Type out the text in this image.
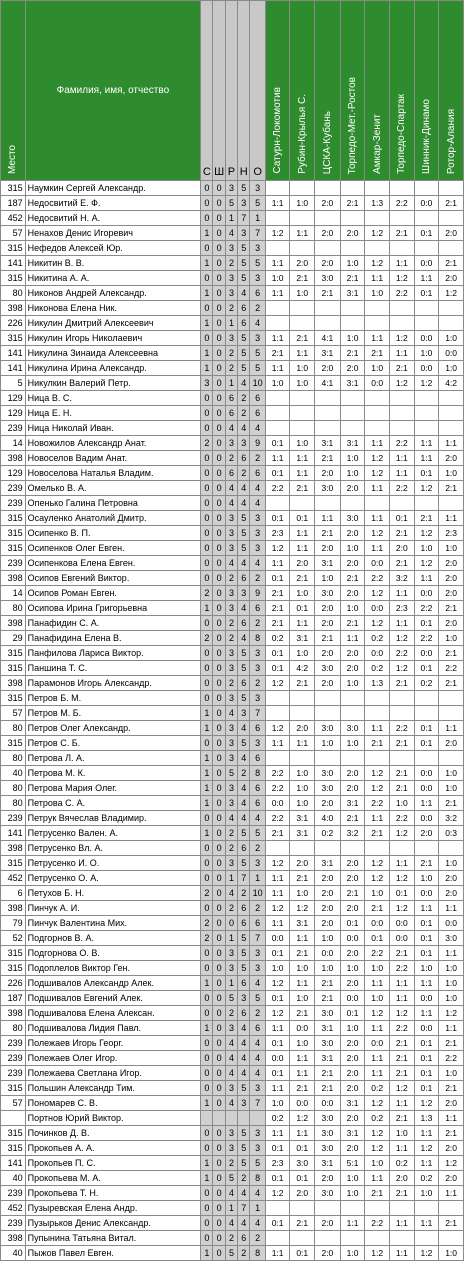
Место	Фамилия, имя, отчество	С	Ш	Р	Н	О	Сатурн-Локомотив	Рубин-Крылья С.	ЦСКА-Кубань	Торпедо-Мет.-Ростов	Амкар-Зенит	Торпедо-Спартак	Шинник-Динамо	Ротор-Алания
315	Наумкин Сергей Александр.	0	0	3	5	3								
187	Недосвитий Е. Ф.	0	0	5	3	5	1:1	1:0	2:0	2:1	1:3	2:2	0:0	2:1
452	Недосвитий Н. А.	0	0	1	7	1								
57	Ненахов Денис Игоревич	1	0	4	3	7	1:2	1:1	2:0	2:0	1:2	2:1	0:1	2:0
315	Нефедов Алексей Юр.	0	0	3	5	3								
141	Никитин В. В.	1	0	2	5	5	1:1	2:0	2:0	1:0	1:2	1:1	0:0	2:1
315	Никитина А. А.	0	0	3	5	3	1:0	2:1	3:0	2:1	1:1	1:2	1:1	2:0
80	Никонов Андрей Александр.	1	0	3	4	6	1:1	1:0	2:1	3:1	1:0	2:2	0:1	1:2
398	Никонова Елена Ник.	0	0	2	6	2								
226	Никулин Дмитрий Алексеевич	1	0	1	6	4								
315	Никулин Игорь Николаевич	0	0	3	5	3	1:1	2:1	4:1	1:0	1:1	1:2	0:0	1:0
141	Никулина Зинаида Алексеевна	1	0	2	5	5	2:1	1:1	3:1	2:1	2:1	1:1	1:0	0:0
141	Никулина Ирина Александр.	1	0	2	5	5	1:1	1:0	2:0	2:0	1:0	2:1	0:0	1:0
5	Никулкин Валерий Петр.	3	0	1	4	10	1:0	1:0	4:1	3:1	0:0	1:2	1:2	4:2
129	Ница В. С.	0	0	6	2	6								
129	Ница Е. Н.	0	0	6	2	6								
239	Ница Николай Иван.	0	0	4	4	4								
14	Новожилов Александр Анат.	2	0	3	3	9	0:1	1:0	3:1	3:1	1:1	2:2	1:1	1:1
398	Новоселов Вадим Анат.	0	0	2	6	2	1:1	1:1	2:1	1:0	1:2	1:1	1:1	2:0
129	Новоселова Наталья Владим.	0	0	6	2	6	0:1	1:1	2:0	1:0	1:2	1:1	0:1	1:0
239	Омелько В. А.	0	0	4	4	4	2:2	2:1	3:0	2:0	1:1	2:2	1:2	2:1
239	Опенько Галина Петровна	0	0	4	4	4								
315	Осауленко Анатолий Дмитр.	0	0	3	5	3	0:1	0:1	1:1	3:0	1:1	0:1	2:1	1:1
315	Осипенко В. П.	0	0	3	5	3	2:3	1:1	2:1	2:0	1:2	2:1	1:2	2:3
315	Осипенков Олег Евген.	0	0	3	5	3	1:2	1:1	2:0	1:0	1:1	2:0	1:0	1:0
239	Осипенкова Елена Евген.	0	0	4	4	4	1:1	2:0	3:1	2:0	0:0	2:1	1:2	2:0
398	Осипов Евгений Виктор.	0	0	2	6	2	0:1	2:1	1:0	2:1	2:2	3:2	1:1	2:0
14	Осипов Роман Евген.	2	0	3	3	9	2:1	1:0	3:0	2:0	1:2	1:1	0:0	2:0
80	Осипова Ирина Григорьевна	1	0	3	4	6	2:1	0:1	2:0	1:0	0:0	2:3	2:2	2:1
398	Панафидин С. А.	0	0	2	6	2	2:1	1:1	2:0	2:1	1:2	1:1	0:1	2:0
29	Панафидина Елена В.	2	0	2	4	8	0:2	3:1	2:1	1:1	0:2	1:2	2:2	1:0
315	Панфилова Лариса Виктор.	0	0	3	5	3	0:1	1:0	2:0	2:0	0:0	2:2	0:0	2:1
315	Паншина Т. С.	0	0	3	5	3	0:1	4:2	3:0	2:0	0:2	1:2	0:1	2:2
398	Парамонов Игорь Александр.	0	0	2	6	2	1:2	2:1	2:0	1:0	1:3	2:1	0:2	2:1
315	Петров Б. М.	0	0	3	5	3								
57	Петров М. Б.	1	0	4	3	7								
80	Петров Олег Александр.	1	0	3	4	6	1:2	2:0	3:0	3:0	1:1	2:2	0:1	1:1
315	Петров С. Б.	0	0	3	5	3	1:1	1:1	1:0	1:0	2:1	2:1	0:1	2:0
80	Петрова Л. А.	1	0	3	4	6								
40	Петрова М. К.	1	0	5	2	8	2:2	1:0	3:0	2:0	1:2	2:1	0:0	1:0
80	Петрова Мария Олег.	1	0	3	4	6	2:2	1:0	3:0	2:0	1:2	2:1	0:0	1:0
80	Петрова С. А.	1	0	3	4	6	0:0	1:0	2:0	3:1	2:2	1:0	1:1	2:1
239	Петрук Вячеслав Владимир.	0	0	4	4	4	2:2	3:1	4:0	2:1	1:1	2:2	0:0	3:2
141	Петрусенко Вален. А.	1	0	2	5	5	2:1	3:1	0:2	3:2	2:1	1:2	2:0	0:3
398	Петрусенко Вл. А.	0	0	2	6	2								
315	Петрусенко И. О.	0	0	3	5	3	1:2	2:0	3:1	2:0	1:2	1:1	2:1	1:0
452	Петрусенко О. А.	0	0	1	7	1	1:1	2:1	2:0	2:0	1:2	1:2	1:0	2:0
6	Петухов Б. Н.	2	0	4	2	10	1:1	1:0	2:0	2:1	1:0	0:1	0:0	2:0
398	Пинчук А. И.	0	0	2	6	2	1:2	1:2	2:0	2:0	2:1	1:2	1:1	1:1
79	Пинчук Валентина Мих.	2	0	0	6	6	1:1	3:1	2:0	0:1	0:0	0:0	0:1	0:0
52	Подгорнов В. А.	2	0	1	5	7	0:0	1:1	1:0	0:0	0:1	0:0	0:1	3:0
315	Подгорнова О. В.	0	0	3	5	3	0:1	2:1	0:0	2:0	2:2	2:1	0:1	1:1
315	Подоплелов Виктор Ген.	0	0	3	5	3	1:0	1:0	1:0	1:0	1:0	2:2	1:0	1:0
226	Подшивалов Александр Алек.	1	0	1	6	4	1:2	1:1	2:1	2:0	1:1	1:1	1:1	1:0
187	Подшивалов Евгений Алек.	0	0	5	3	5	0:1	1:0	2:1	0:0	1:0	1:1	0:0	1:0
398	Подшивалова Елена Алексан.	0	0	2	6	2	1:2	2:1	3:0	0:1	1:2	1:2	1:1	1:2
80	Подшивалова Лидия Павл.	1	0	3	4	6	1:1	0:0	3:1	1:0	1:1	2:2	0:0	1:1
239	Полежаев Игорь Георг.	0	0	4	4	4	0:1	1:0	3:0	2:0	0:0	2:1	0:1	2:1
239	Полежаев Олег Игор.	0	0	4	4	4	0:0	1:1	3:1	2:0	1:1	2:1	0:1	2:2
239	Полежаева Светлана Игор.	0	0	4	4	4	0:1	1:1	2:1	2:0	1:1	2:1	0:1	1:0
315	Польшин Александр Тим.	0	0	3	5	3	1:1	2:1	2:1	2:0	0:2	1:2	0:1	2:1
57	Пономарев С. В.	1	0	4	3	7	1:0	0:0	0:0	3:1	1:2	1:1	1:2	2:0
	Портнов Юрий Виктор.						0:2	1:2	3:0	2:0	0:2	2:1	1:3	1:1
315	Починков Д. В.	0	0	3	5	3	1:1	1:1	3:0	3:1	1:2	1:0	1:1	2:1
315	Прокопьев А. А.	0	0	3	5	3	0:1	0:1	3:0	2:0	1:2	1:1	1:2	2:0
141	Прокопьев П. С.	1	0	2	5	5	2:3	3:0	3:1	5:1	1:0	0:2	1:1	1:2
40	Прокопьева М. А.	1	0	5	2	8	0:1	0:1	2:0	1:0	1:1	2:0	0:2	2:0
239	Прокопьева Т. Н.	0	0	4	4	4	1:2	2:0	3:0	1:0	2:1	2:1	1:0	1:1
452	Пузыревская Елена Андр.	0	0	1	7	1								
239	Пузырьков Денис Александр.	0	0	4	4	4	0:1	2:1	2:0	1:1	2:2	1:1	1:1	2:1
398	Пупынина Татьяна Витал.	0	0	2	6	2								
40	Пыжов Павел Евген.	1	0	5	2	8	1:1	0:1	2:0	1:0	1:2	1:1	1:2	1:0
